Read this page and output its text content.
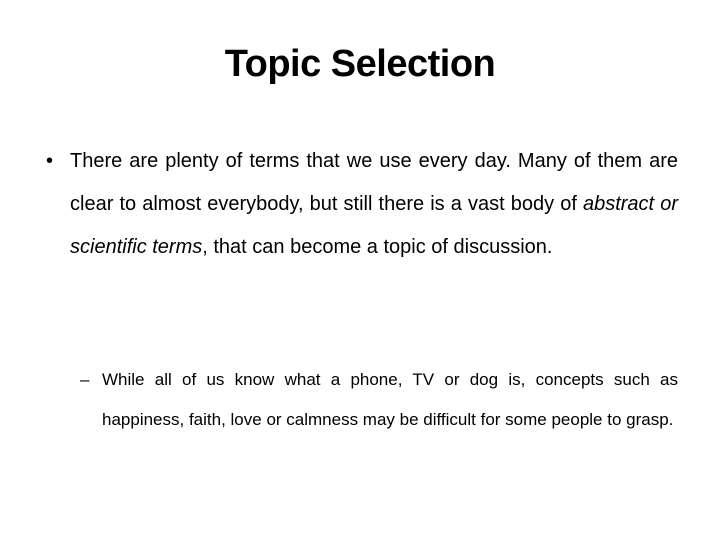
Topic Selection
• There are plenty of terms that we use every day. Many of them are clear to almost everybody, but still there is a vast body of abstract or scientific terms, that can become a topic of discussion.
– While all of us know what a phone, TV or dog is, concepts such as happiness, faith, love or calmness may be difficult for some people to grasp.
